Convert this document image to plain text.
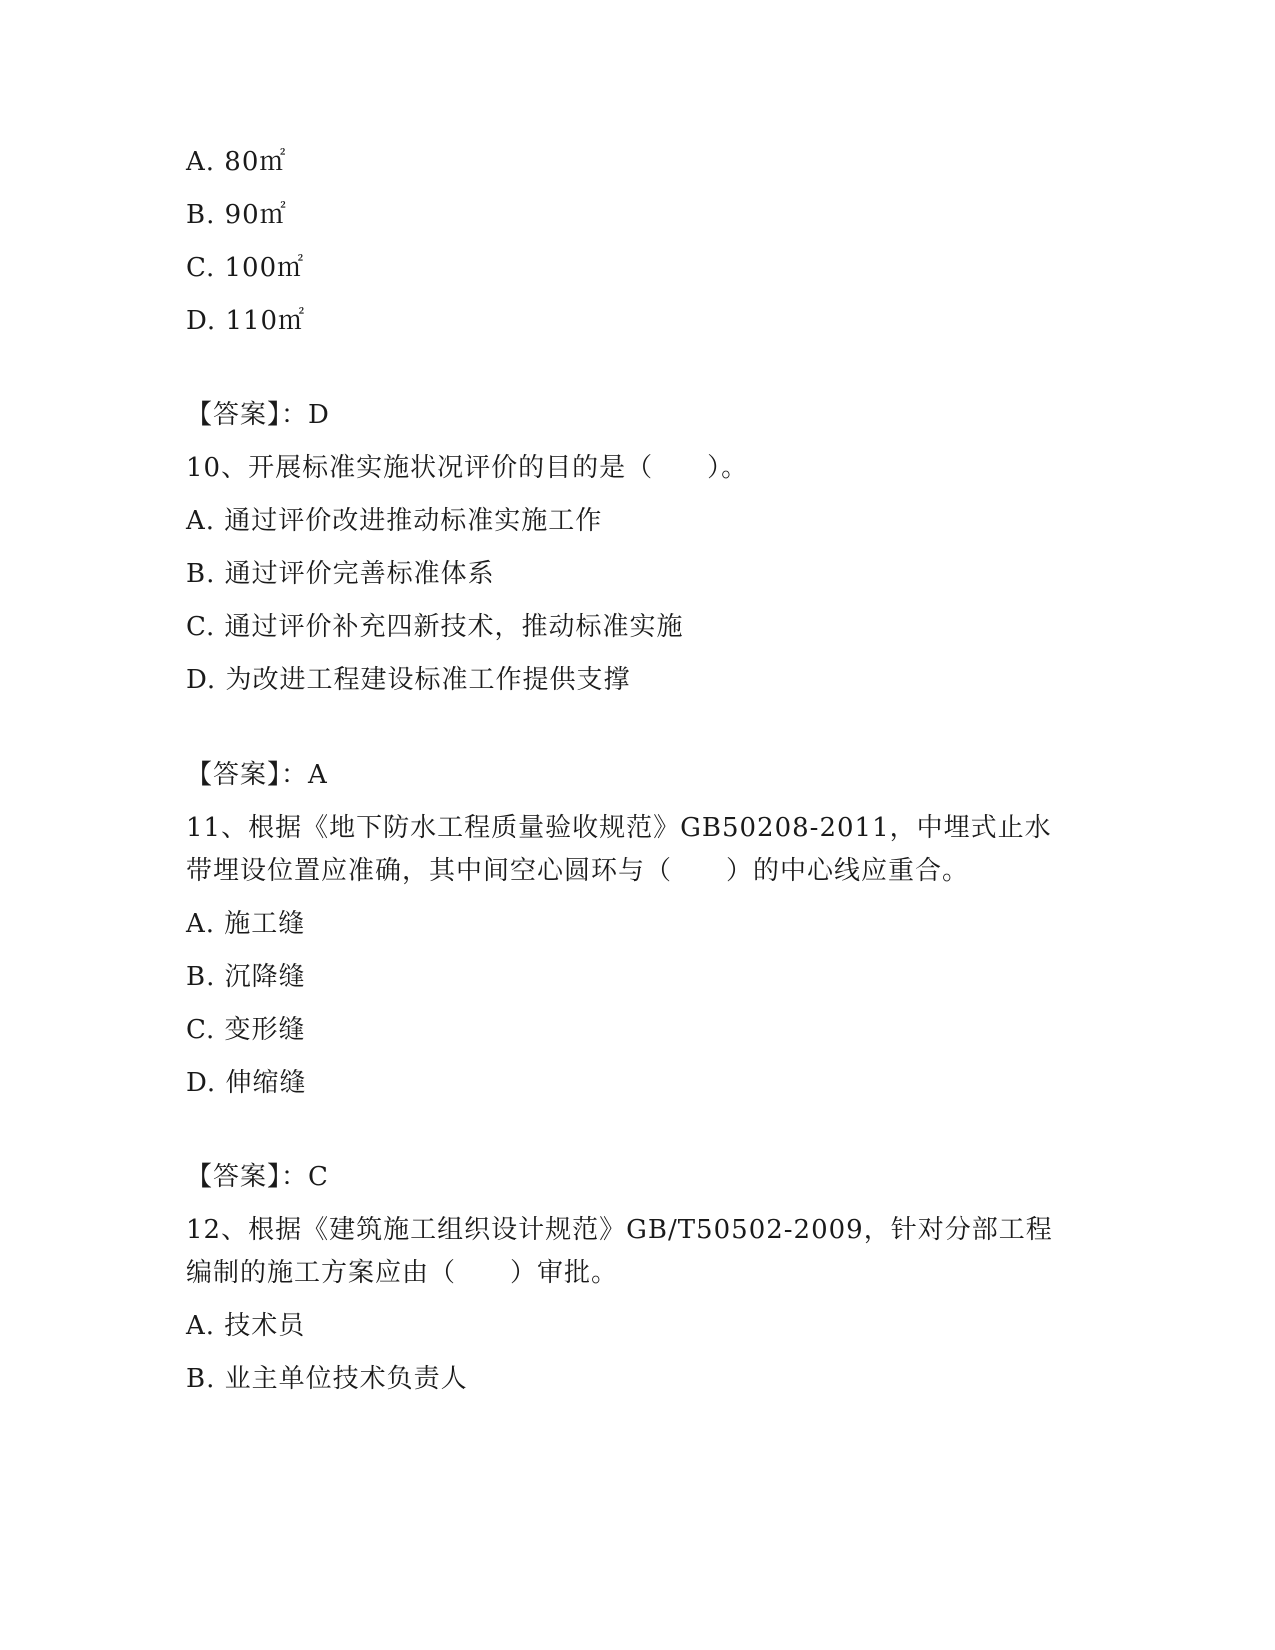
A. 80㎡
B. 90㎡
C. 100㎡
D. 110㎡
【答案】：D
10、开展标准实施状况评价的目的是（　　）。
A. 通过评价改进推动标准实施工作
B. 通过评价完善标准体系
C. 通过评价补充四新技术，推动标准实施
D. 为改进工程建设标准工作提供支撑
【答案】：A
11、根据《地下防水工程质量验收规范》GB50208-2011，中埋式止水
带埋设位置应准确，其中间空心圆环与（　　）的中心线应重合。
A. 施工缝
B. 沉降缝
C. 变形缝
D. 伸缩缝
【答案】：C
12、根据《建筑施工组织设计规范》GB/T50502-2009，针对分部工程
编制的施工方案应由（　　）审批。
A. 技术员
B. 业主单位技术负责人
